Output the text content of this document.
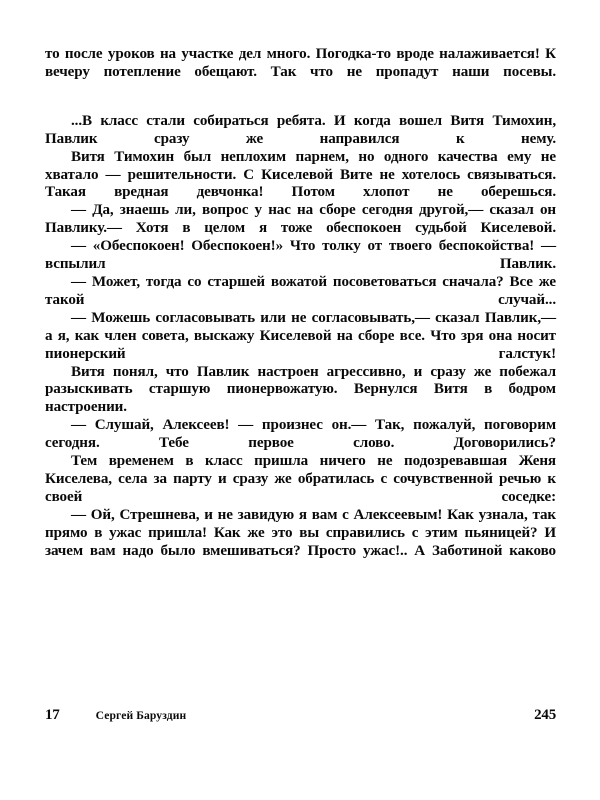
то после уроков на участке дел много. Погодка-то вроде налаживается! К вечеру потепление обещают. Так что не пропадут наши посевы.

...В класс стали собираться ребята. И когда вошел Витя Тимохин, Павлик сразу же направился к нему.

Витя Тимохин был неплохим парнем, но одного качества ему не хватало — решительности. С Киселевой Вите не хотелось связываться. Такая вредная девчонка! Потом хлопот не оберешься.

— Да, знаешь ли, вопрос у нас на сборе сегодня другой,— сказал он Павлику.— Хотя в целом я тоже обеспокоен судьбой Киселевой.

— «Обеспокоен! Обеспокоен!» Что толку от твоего беспокойства! — вспылил Павлик.

— Может, тогда со старшей вожатой посоветоваться сначала? Все же такой случай...

— Можешь согласовывать или не согласовывать,— сказал Павлик,— а я, как член совета, выскажу Киселевой на сборе все. Что зря она носит пионерский галстук!

Витя понял, что Павлик настроен агрессивно, и сразу же побежал разыскивать старшую пионервожатую. Вернулся Витя в бодром настроении.

— Слушай, Алексеев! — произнес он.— Так, пожалуй, поговорим сегодня. Тебе первое слово. Договорились?

Тем временем в класс пришла ничего не подозревавшая Женя Киселева, села за парту и сразу же обратилась с сочувственной речью к своей соседке:

— Ой, Стрешнева, и не завидую я вам с Алексеевым! Как узнала, так прямо в ужас пришла! Как же это вы справились с этим пьяницей? И зачем вам надо было вмешиваться? Просто ужас!.. А Заботиной каково

17	Сергей Баруздин	245
